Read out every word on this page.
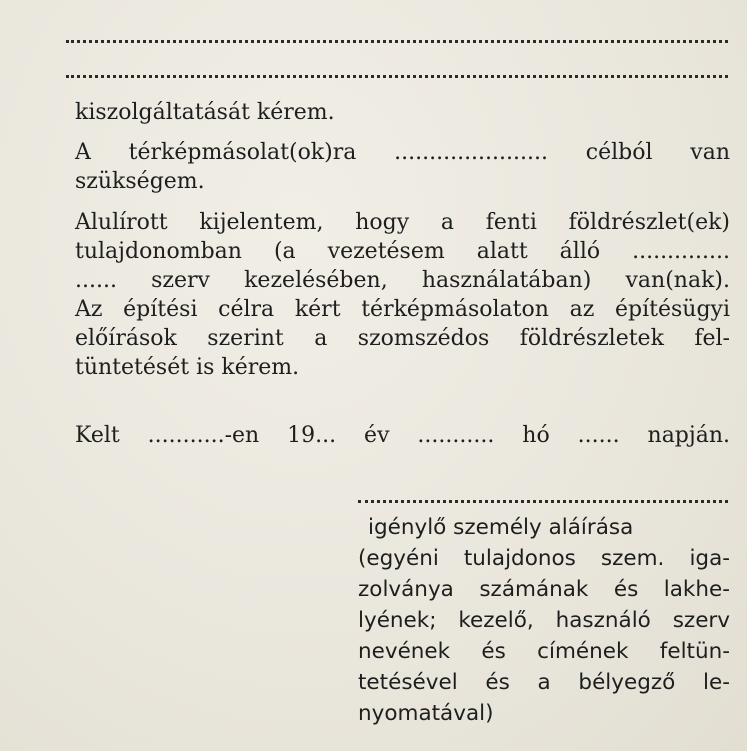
kiszolgáltatását kérem.
A térképmásolat(ok)ra ...................... célból van
szükségem.
Alulírott kijelentem, hogy a fenti földrészlet(ek)
tulajdonomban (a vezetésem alatt álló ..............
...... szerv kezelésében, használatában) van(nak).
Az építési célra kért térképmásolaton az építésügyi
előírások szerint a szomszédos földrészletek fel-
tüntetését is kérem.
Kelt ...........-en 19... év ........... hó ...... napján.
igénylő személy aláírása
(egyéni tulajdonos szem. iga-
zolványa számának és lakhe-
lyének; kezelő, használó szerv
nevének és címének feltün-
tetésével és a bélyegző le-
nyomatával)
